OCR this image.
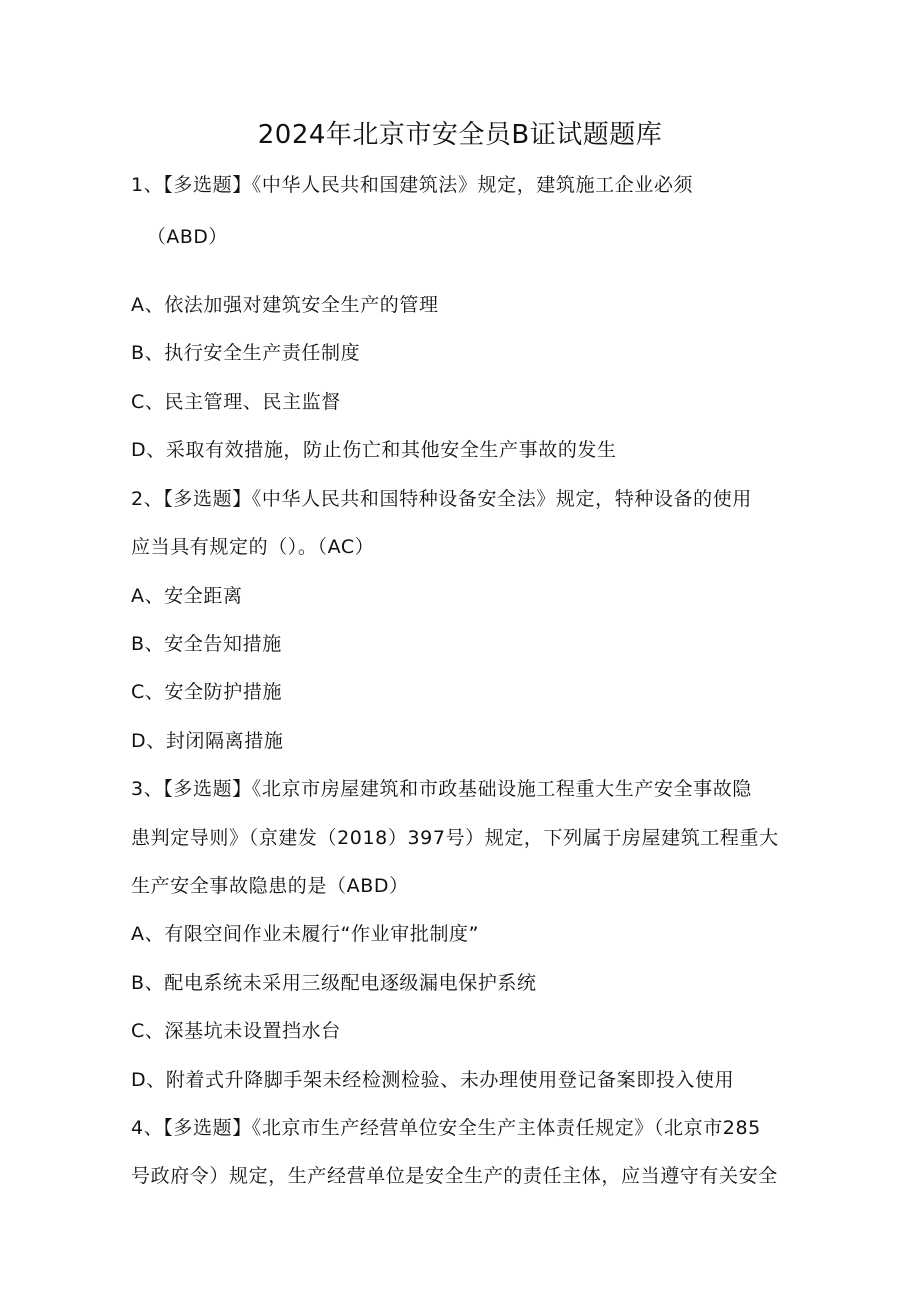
2024年北京市安全员B证试题题库
1、【多选题】《中华人民共和国建筑法》规定，建筑施工企业必须
（ABD）
A、依法加强对建筑安全生产的管理
B、执行安全生产责任制度
C、民主管理、民主监督
D、采取有效措施，防止伤亡和其他安全生产事故的发生
2、【多选题】《中华人民共和国特种设备安全法》规定，特种设备的使用
应当具有规定的（）。（AC）
A、安全距离
B、安全告知措施
C、安全防护措施
D、封闭隔离措施
3、【多选题】《北京市房屋建筑和市政基础设施工程重大生产安全事故隐
患判定导则》（京建发（2018）397号）规定，下列属于房屋建筑工程重大
生产安全事故隐患的是（ABD）
A、有限空间作业未履行“作业审批制度”
B、配电系统未采用三级配电逐级漏电保护系统
C、深基坑未设置挡水台
D、附着式升降脚手架未经检测检验、未办理使用登记备案即投入使用
4、【多选题】《北京市生产经营单位安全生产主体责任规定》（北京市285
号政府令）规定，生产经营单位是安全生产的责任主体，应当遵守有关安全
